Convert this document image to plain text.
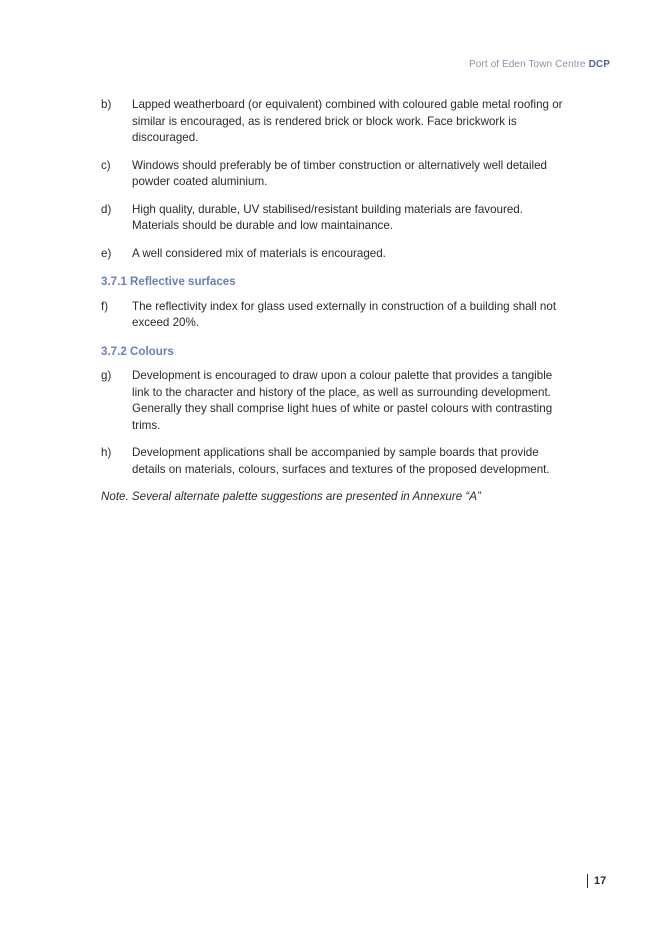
Port of Eden Town Centre DCP
b)	Lapped weatherboard (or equivalent) combined with coloured gable metal roofing or similar is encouraged, as is rendered brick or block work. Face brickwork is discouraged.
c)	Windows should preferably be of timber construction or alternatively well detailed powder coated aluminium.
d)	High quality, durable, UV stabilised/resistant building materials are favoured. Materials should be durable and low maintainance.
e)	A well considered mix of materials is encouraged.
3.7.1 Reflective surfaces
f)	The reflectivity index for glass used externally in construction of a building shall not exceed 20%.
3.7.2 Colours
g)	Development is encouraged to draw upon a colour palette that provides a tangible link to the character and history of the place, as well as surrounding development. Generally they shall comprise light hues of white or pastel colours with contrasting trims.
h)	Development applications shall be accompanied by sample boards that provide details on materials, colours, surfaces and textures of the proposed development.
Note. Several alternate palette suggestions are presented in Annexure “A”
17
